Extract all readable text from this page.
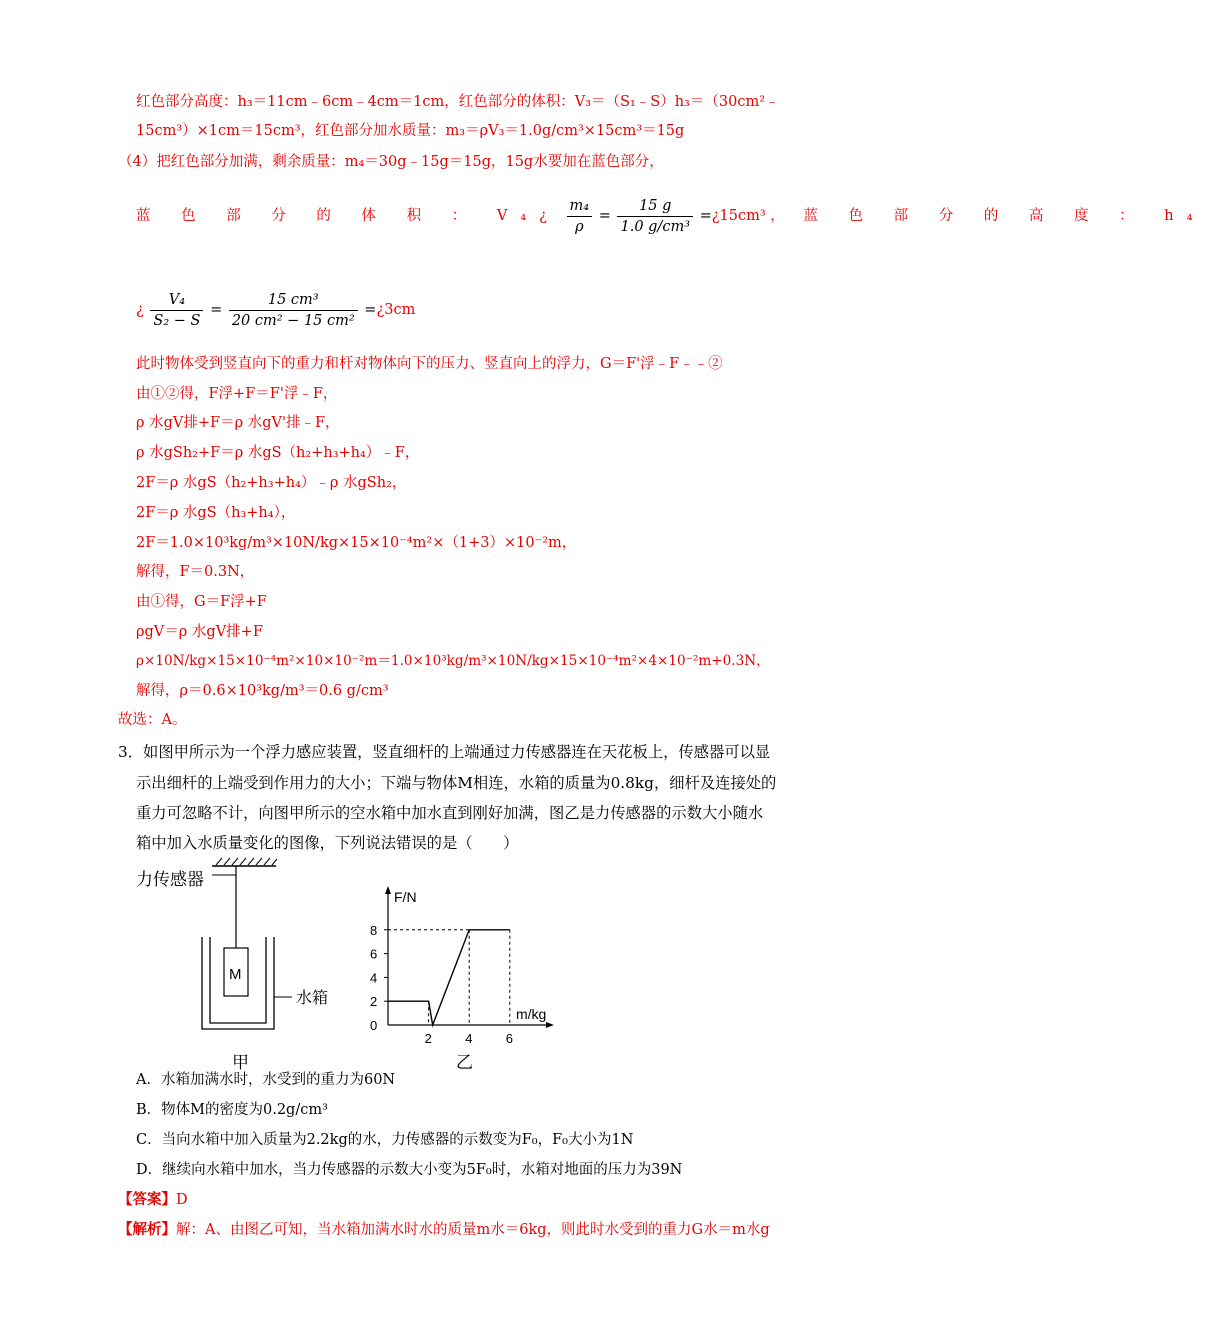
红色部分高度：h₃＝11cm﹣6cm﹣4cm＝1cm，红色部分的体积：V₃＝（S₁﹣S）h₃＝（30cm²﹣
15cm³）×1cm＝15cm³，红色部分加水质量：m₃＝ρV₃＝1.0g/cm³×15cm³＝15g
（4）把红色部分加满，剩余质量：m₄＝30g﹣15g＝15g，15g水要加在蓝色部分，
蓝 色 部 分 的 体 积 ： V₄¿ $\frac{\text{m₄}}{\rho} = \frac{15 g}{\text{1.0 g/cm³}}$ =¿15cm³ ， 蓝 色 部 分 的 高 度 ： h₄
¿ $\frac{\text{V₄}}{\text{S₂ − S}} = \frac{\text{15 cm³}}{\text{20 cm² − 15 cm²}}$ =¿3cm
此时物体受到竖直向下的重力和杆对物体向下的压力、竖直向上的浮力，G＝F'浮﹣F﹣﹣②
由①②得，F浮+F＝F'浮﹣F，
ρ 水gV排+F＝ρ 水gV'排﹣F，
ρ 水gSh₂+F＝ρ 水gS（h₂+h₃+h₄）﹣F，
2F＝ρ 水gS（h₂+h₃+h₄）﹣ρ 水gSh₂，
2F＝ρ 水gS（h₃+h₄），
2F＝1.0×10³kg/m³×10N/kg×15×10⁻⁴m²×（1+3）×10⁻²m，
解得，F＝0.3N，
由①得，G＝F浮+F
ρgV＝ρ 水gV排+F
ρ×10N/kg×15×10⁻⁴m²×10×10⁻²m＝1.0×10³kg/m³×10N/kg×15×10⁻⁴m²×4×10⁻²m+0.3N，
解得，ρ＝0.6×10³kg/m³＝0.6 g/cm³
故选：A。
3．如图甲所示为一个浮力感应装置，竖直细杆的上端通过力传感器连在天花板上，传感器可以显
示出细杆的上端受到作用力的大小；下端与物体M相连，水箱的质量为0.8kg，细杆及连接处的
重力可忽略不计，向图甲所示的空水箱中加水直到刚好加满，图乙是力传感器的示数大小随水
箱中加入水质量变化的图像，下列说法错误的是（　　）
力传感器
M
水箱
甲
F/N
m/kg
0
2
4
6
8
2	4	6
乙
A．水箱加满水时，水受到的重力为60N
B．物体M的密度为0.2g/cm³
C．当向水箱中加入质量为2.2kg的水，力传感器的示数变为F₀，F₀大小为1N
D．继续向水箱中加水，当力传感器的示数大小变为5F₀时，水箱对地面的压力为39N
【答案】D
【解析】解：A、由图乙可知，当水箱加满水时水的质量m水＝6kg，则此时水受到的重力G水＝m水g
